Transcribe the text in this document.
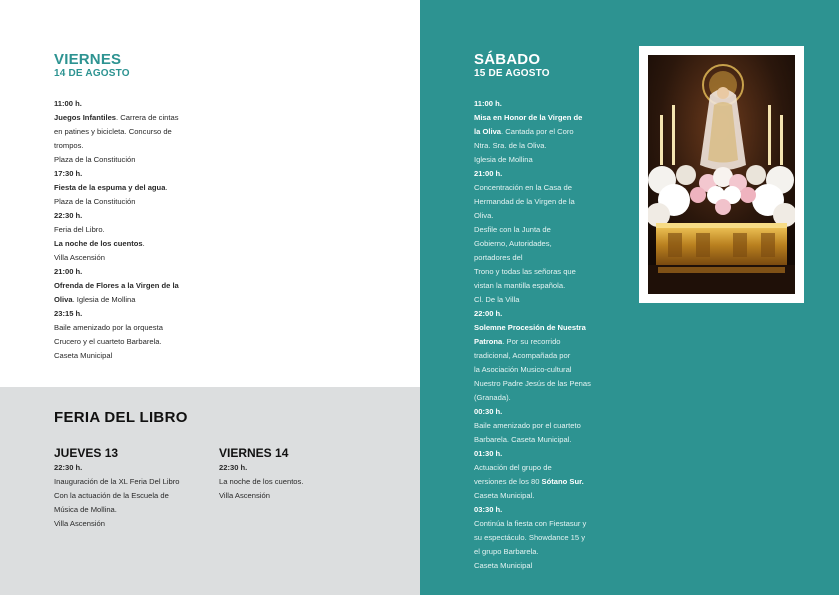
VIERNES
14 DE AGOSTO
11:00 h.
Juegos Infantiles. Carrera de cintas
en patines y bicicleta. Concurso de
trompos.
Plaza de la Constitución
17:30 h.
Fiesta de la espuma y del agua.
Plaza de la Constitución
22:30 h.
Feria del Libro.
La noche de los cuentos.
Villa Ascensión
21:00 h.
Ofrenda de Flores a la Virgen de la
Oliva. Iglesia de Mollina
23:15 h.
Baile amenizado por la orquesta
Crucero y el cuarteto Barbarela.
Caseta Municipal
FERIA DEL LIBRO
JUEVES 13
22:30 h.
Inauguración de la XL Feria Del Libro
Con la actuación de la Escuela de
Música de Mollina.
Villa Ascensión
VIERNES 14
22:30 h.
La noche de los cuentos.
Villa Ascensión
SÁBADO
15 DE AGOSTO
11:00 h.
Misa en Honor de la Virgen de
la Oliva. Cantada por el Coro
Ntra. Sra. de la Oliva.
Iglesia de Mollina
21:00 h.
Concentración en la Casa de
Hermandad de la Virgen de la
Oliva.
Desfile con la Junta de
Gobierno, Autoridades,
portadores del
Trono y todas las señoras que
vistan la mantilla española.
Cl. De la Villa
22:00 h.
Solemne Procesión de Nuestra
Patrona. Por su recorrido
tradicional, Acompañada por
la Asociación Musico-cultural
Nuestro Padre Jesús de las Penas
(Granada).
00:30 h.
Baile amenizado por el cuarteto
Barbarela. Caseta Municipal.
01:30 h.
Actuación del grupo de
versiones de los 80 Sótano Sur.
Caseta Municipal.
03:30 h.
Continúa la fiesta con Fiestasur y
su espectáculo. Showdance 15 y
el grupo Barbarela.
Caseta Municipal
